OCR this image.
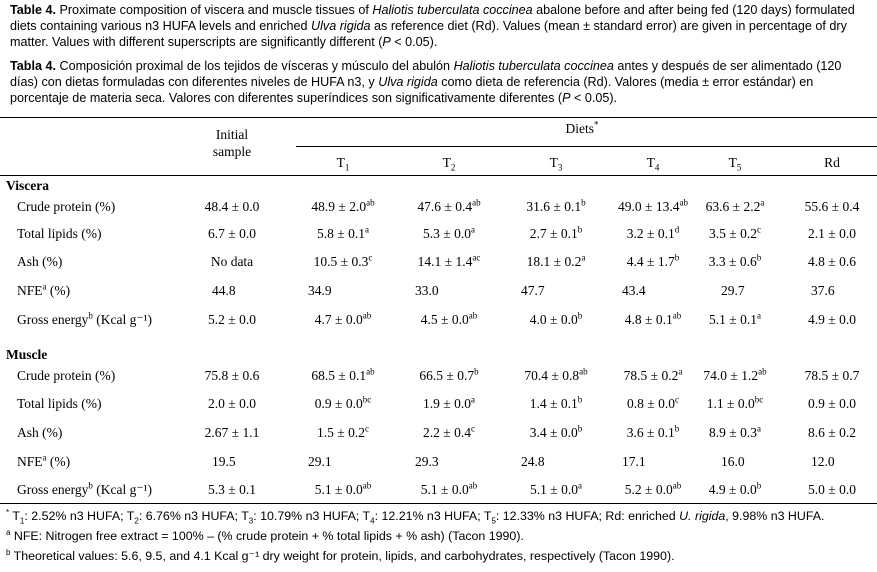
Table 4. Proximate composition of viscera and muscle tissues of Haliotis tuberculata coccinea abalone before and after being fed (120 days) formulated diets containing various n3 HUFA levels and enriched Ulva rigida as reference diet (Rd). Values (mean ± standard error) are given in percentage of dry matter. Values with different superscripts are significantly different (P < 0.05).
Tabla 4. Composición proximal de los tejidos de vísceras y músculo del abulón Haliotis tuberculata coccinea antes y después de ser alimentado (120 días) con dietas formuladas con diferentes niveles de HUFA n3, y Ulva rigida como dieta de referencia (Rd). Valores (media ± error estándar) en porcentaje de materia seca. Valores con diferentes superíndices son significativamente diferentes (P < 0.05).
Initial
sample
Diets*
$T_1$	$T_2$	$T_3$	$T_4$	$T_5$	Rd
Viscera
Crude protein (%)	48.4 ± 0.0	48.9 ± 2.0$^{ab}$	47.6 ± 0.4$^{ab}$	31.6 ± 0.1$^b$ 49.0 ± 13.4$^{ab}$ 63.6 ± 2.2$^a$	55.6 ± 0.4
Total lipids (%)	6.7 ± 0.0	5.8 ± 0.1$^a$	5.3 ± 0.0$^a$	2.7 ± 0.1$^b$	3.2 ± 0.1$^d$ 3.5 ± 0.2$^c$	2.1 ± 0.0
Ash (%)	No data	10.5 ± 0.3$^c$	14.1 ± 1.4$^{ac}$	18.1 ± 0.2$^a$	4.4 ± 1.7$^b$ 3.3 ± 0.6$^b$	4.8 ± 0.6
NFE$^a$ (%)	44.8	34.9	33.0	47.7	43.4	29.7	37.6
Gross energy$^b$ (Kcal g⁻¹)	5.2 ± 0.0	4.7 ± 0.0$^{ab}$	4.5 ± 0.0$^{ab}$	4.0 ± 0.0$^b$	4.8 ± 0.1$^{ab}$ 5.1 ± 0.1$^a$	4.9 ± 0.0
Muscle
Crude protein (%)	75.8 ± 0.6	68.5 ± 0.1$^{ab}$	66.5 ± 0.7$^b$	70.4 ± 0.8$^{ab}$	78.5 ± 0.2$^a$ 74.0 ± 1.2$^{ab}$	78.5 ± 0.7
Total lipids (%)	2.0 ± 0.0	0.9 ± 0.0$^{bc}$	1.9 ± 0.0$^a$	1.4 ± 0.1$^b$	0.8 ± 0.0$^c$ 1.1 ± 0.0$^{bc}$	0.9 ± 0.0
Ash (%)	2.67 ± 1.1	1.5 ± 0.2$^c$	2.2 ± 0.4$^c$	3.4 ± 0.0$^b$	3.6 ± 0.1$^b$ 8.9 ± 0.3$^a$	8.6 ± 0.2
NFE$^a$ (%)	19.5	29.1	29.3	24.8	17.1	16.0	12.0
Gross energy$^b$ (Kcal g⁻¹)	5.3 ± 0.1	5.1 ± 0.0$^{ab}$	5.1 ± 0.0$^{ab}$	5.1 ± 0.0$^a$	5.2 ± 0.0$^{ab}$ 4.9 ± 0.0$^b$	5.0 ± 0.0
* $T_1$: 2.52% n3 HUFA; $T_2$: 6.76% n3 HUFA; $T_3$: 10.79% n3 HUFA; $T_4$: 12.21% n3 HUFA; $T_5$: 12.33% n3 HUFA; Rd: enriched U. rigida, 9.98% n3 HUFA.
$^a$ NFE: Nitrogen free extract = 100% – (% crude protein + % total lipids + % ash) (Tacon 1990).
$^b$ Theoretical values: 5.6, 9.5, and 4.1 Kcal g⁻¹ dry weight for protein, lipids, and carbohydrates, respectively (Tacon 1990).
